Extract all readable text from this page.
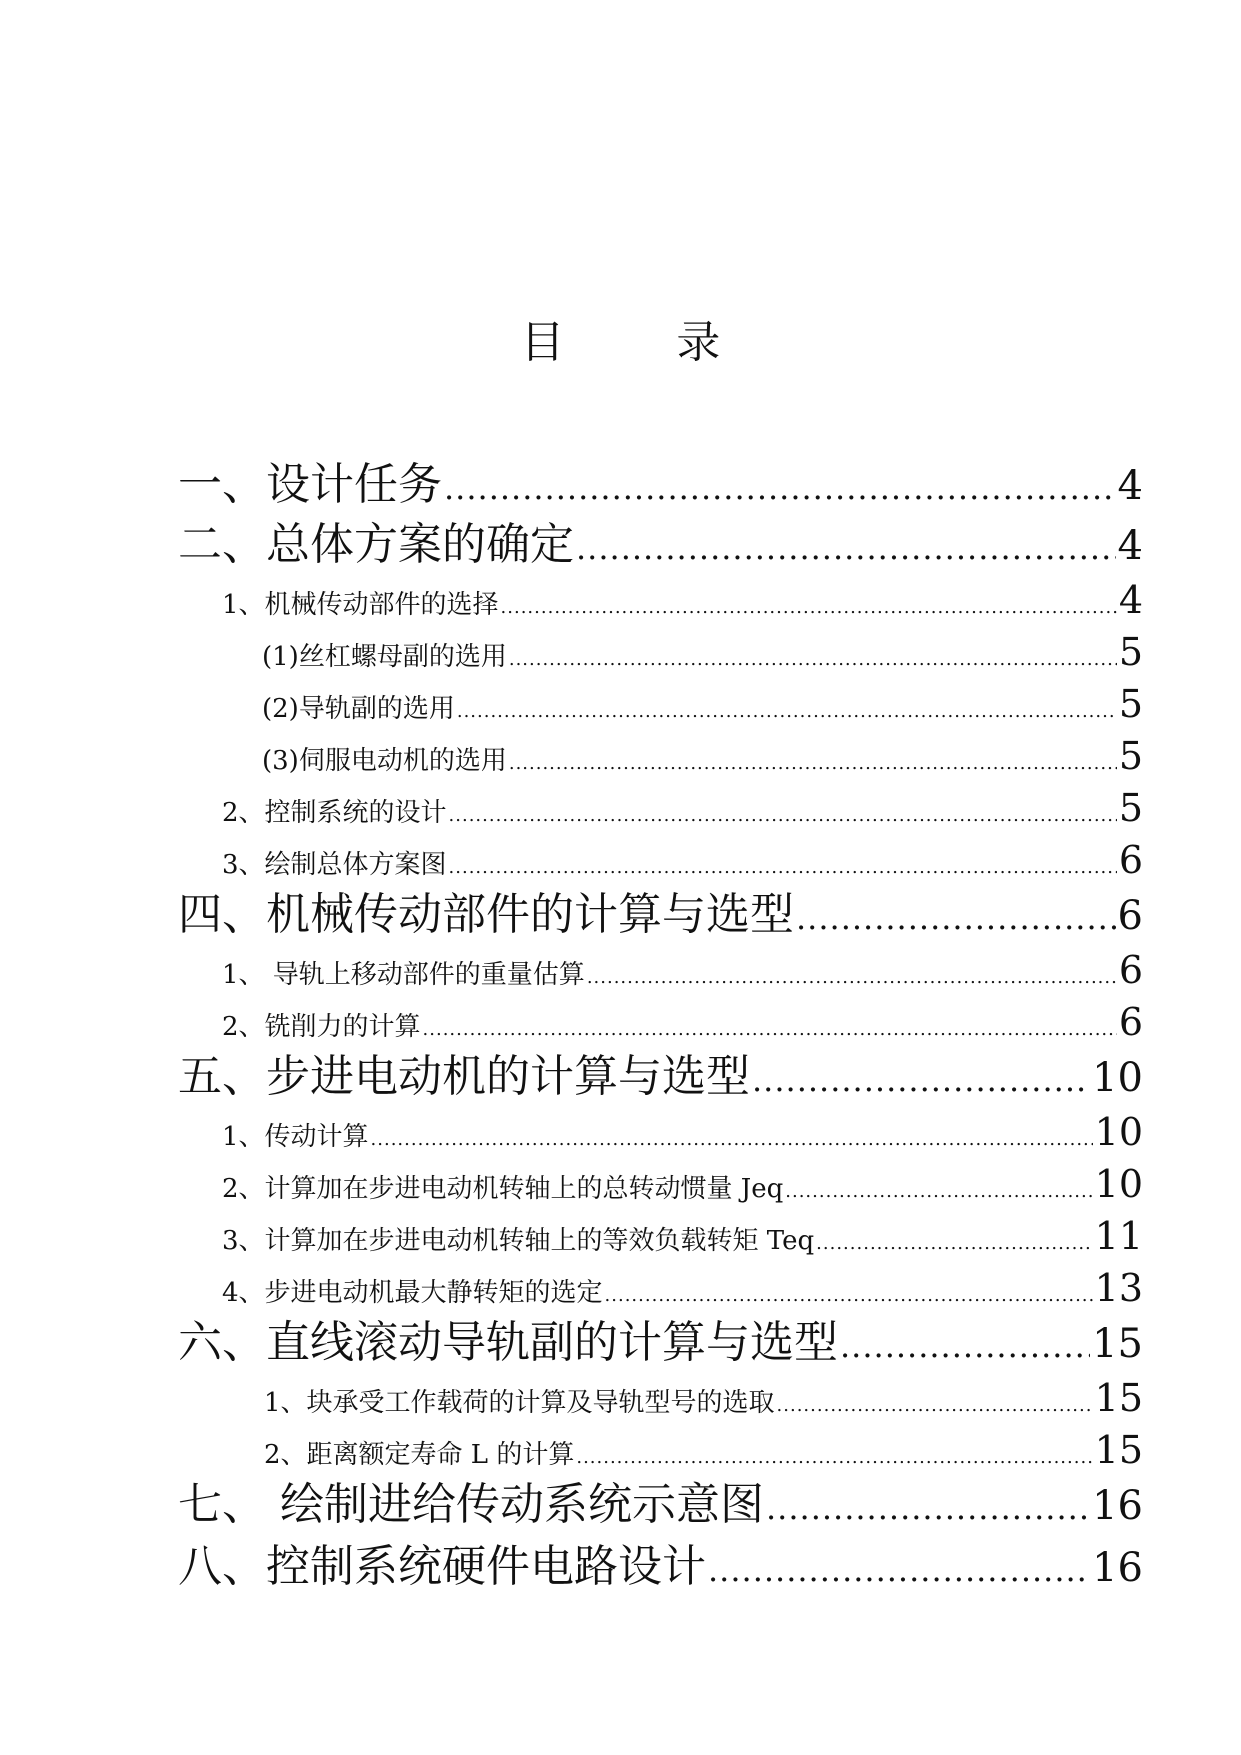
目        录
一、设计任务 .....	4
二、总体方案的确定 .....	4
1、机械传动部件的选择 .....	4
(1)丝杠螺母副的选用 .....	5
(2)导轨副的选用 .....	5
(3)伺服电动机的选用 .....	5
2、控制系统的设计 .....	5
3、绘制总体方案图 .....	6
四、机械传动部件的计算与选型 .....	6
1、 导轨上移动部件的重量估算 .....	6
2、铣削力的计算 .....	6
五、步进电动机的计算与选型 .....	10
1、传动计算 .....	10
2、计算加在步进电动机转轴上的总转动惯量 Jeq .....	10
3、计算加在步进电动机转轴上的等效负载转矩 Teq .....	11
4、步进电动机最大静转矩的选定 .....	13
六、直线滚动导轨副的计算与选型 .....	15
1、块承受工作载荷的计算及导轨型号的选取 .....	15
2、距离额定寿命 L 的计算 .....	15
七、 绘制进给传动系统示意图 .....	16
八、控制系统硬件电路设计 .....	16
